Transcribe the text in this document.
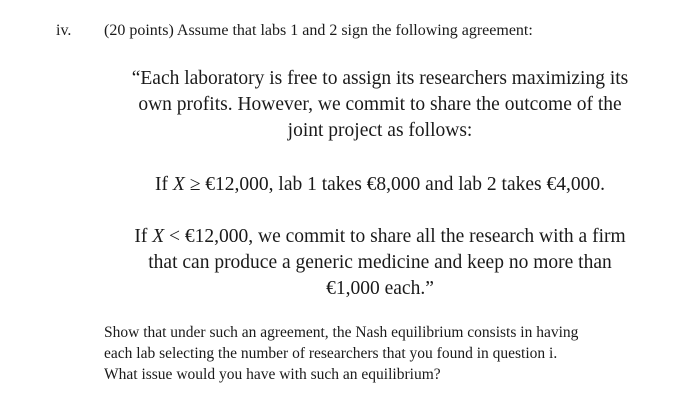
iv. (20 points) Assume that labs 1 and 2 sign the following agreement:
“Each laboratory is free to assign its researchers maximizing its
own profits. However, we commit to share the outcome of the
joint project as follows:
If X ≥ €12,000, lab 1 takes €8,000 and lab 2 takes €4,000.
If X < €12,000, we commit to share all the research with a firm
that can produce a generic medicine and keep no more than
€1,000 each.”
Show that under such an agreement, the Nash equilibrium consists in having
each lab selecting the number of researchers that you found in question i.
What issue would you have with such an equilibrium?
